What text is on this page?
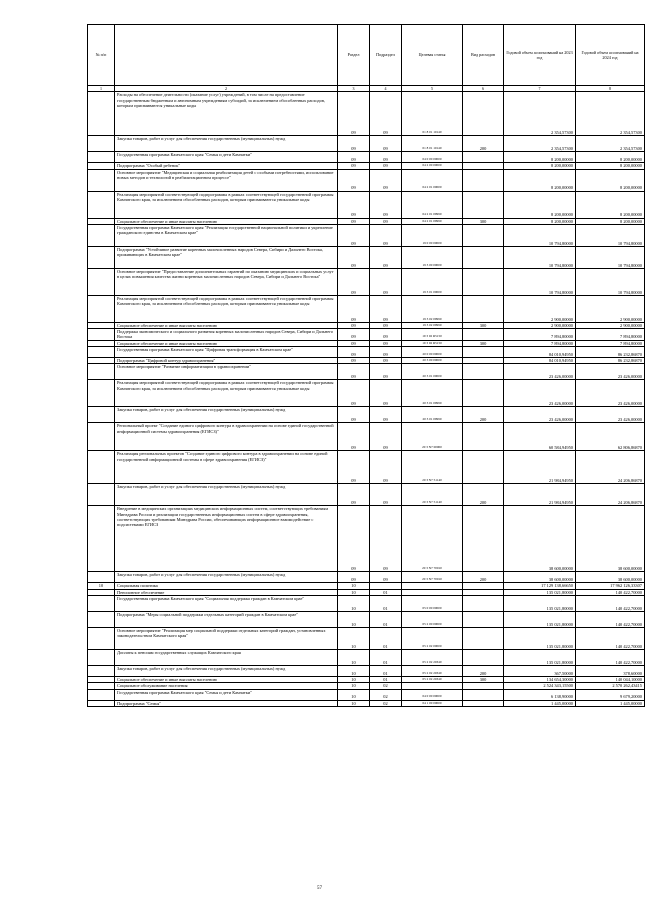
№ п/п		Раздел	Подраздел	Целевая статья	Вид расходов	Годовой объем ассигнований на 2023 год	Годовой объем ассигнований на 2024 год
1	2	3	4	5	6	7	8
	Расходы на обеспечение деятельности (оказание услуг) учреждений, в том числе на предоставление государственным бюджетным и автономным учреждениям субсидий, за исключением обособленных расходов, которым присваиваются уникальные коды	09	09	01 8 01 10140		2 354,57300	2 354,57300
	Закупка товаров, работ и услуг для обеспечения государственных (муниципальных) нужд	09	09	01 8 01 10140	200	2 354,57300	2 354,57300
	Государственная программа Камчатского края "Семья и дети Камчатки"	09	09	04 0 00 00000		8 200,00000	8 200,00000
	Подпрограмма "Особый ребенок"	09	09	04 2 00 00000		8 200,00000	8 200,00000
	Основное мероприятие "Медицинская и социальная реабилитация детей с особыми потребностями, использование новых методов и технологий в реабилитационном процессе"	09	09	04 2 01 00000		8 200,00000	8 200,00000
	Реализация мероприятий соответствующей подпрограммы в рамках соответствующей государственной программы Камчатского края, за исключением обособленных расходов, которым присваиваются уникальные коды	09	09	04 2 01 09990		8 200,00000	8 200,00000
	Социальное обеспечение и иные выплаты населению	09	09	04 2 01 09990	300	8 200,00000	8 200,00000
	Государственная программа Камчатского края "Реализация государственной национальной политики и укрепление гражданского единства в Камчатском крае"	09	09	19 0 00 00000		10 794,80000	10 794,80000
	Подпрограмма "Устойчивое развитие коренных малочисленных народов Севера, Сибири и Дальнего Востока, проживающих в Камчатском крае"	09	09	19 3 00 00000		10 794,80000	10 794,80000
	Основное мероприятие "Предоставление дополнительных гарантий по оказанию медицинских и социальных услуг в целях повышения качества жизни коренных малочисленных народов Севера, Сибири и Дальнего Востока"	09	09	19 3 01 00000		10 794,80000	10 794,80000
	Реализация мероприятий соответствующей подпрограммы в рамках соответствующей государственной программы Камчатского края, за исключением обособленных расходов, которым присваиваются уникальные коды	09	09	19 3 02 09990		2 900,00000	2 900,00000
	Социальное обеспечение и иные выплаты населению	09	09	19 3 02 09990	300	2 900,00000	2 900,00000
	Поддержка экономического и социального развития коренных малочисленных народов Севера, Сибири и Дальнего Востока	09	09	19 3 02 R5150		7 894,80000	7 894,80000
	Социальное обеспечение и иные выплаты населению	09	09	19 3 02 R5150	300	7 894,80000	7 894,80000
	Государственная программа Камчатского края "Цифровая трансформация в Камчатском крае"	09	09	20 0 00 00000		84 010,94950	86 232,86870
	Подпрограмма "Цифровой контур здравоохранения"	09	09	20 3 00 00000		84 010,94950	86 232,86870
	Основное мероприятие "Развитие информатизации в здравоохранении"	09	09	20 3 01 00000		23 426,00000	23 426,00000
	Реализация мероприятий соответствующей подпрограммы в рамках соответствующей государственной программы Камчатского края, за исключением обособленных расходов, которым присваиваются уникальные коды	09	09	20 3 01 09990		23 426,00000	23 426,00000
	Закупка товаров, работ и услуг для обеспечения государственных (муниципальных) нужд	09	09	20 3 01 09990	200	23 426,00000	23 426,00000
	Региональный проект "Создание единого цифрового контура в здравоохранении на основе единой государственной информационной системы здравоохранения (ЕГИСЗ)"	09	09	20 3 N7 00000		60 584,94950	62 806,86870
	Реализация региональных проектов "Создание единого цифрового контура в здравоохранении на основе единой государственной информационной системы в сфере здравоохранения (ЕГИСЗ)"	09	09	20 3 N7 51140		21 984,94950	24 206,86870
	Закупка товаров, работ и услуг для обеспечения государственных (муниципальных) нужд	09	09	20 3 N7 51140	200	21 984,94950	24 206,86870
	Внедрение в медицинских организациях медицинских информационных систем, соответствующих требованиям Минздрава России и реализации государственных информационных систем в сфере здравоохранения, соответствующих требованиям Минздрава России, обеспечивающих информационное взаимодействие с подсистемами ЕГИСЗ	09	09	20 3 N7 70010		38 600,00000	38 600,00000
	Закупка товаров, работ и услуг для обеспечения государственных (муниципальных) нужд	09	09	20 3 N7 70010	200	38 600,00000	38 600,00000
10	Социальная политика	10				17 129 138,66650	17 962 126,33307
	Пенсионное обеспечение	10	01			135 021,80000	140 422,70000
	Государственная программа Камчатского края "Социальная поддержка граждан в Камчатском крае"	10	01	05 0 00 00000		135 021,80000	140 422,70000
	Подпрограмма "Меры социальной поддержки отдельных категорий граждан в Камчатском крае"	10	01	05 2 00 00000		135 021,80000	140 422,70000
	Основное мероприятие "Реализация мер социальной поддержки отдельных категорий граждан, установленных законодательством Камчатского края"	10	01	05 2 02 00000		135 021,80000	140 422,70000
	Доплаты к пенсиям государственных служащих Камчатского края	10	01	05 2 02 20340		135 021,80000	140 422,70000
	Закупка товаров, работ и услуг для обеспечения государственных (муниципальных) нужд	10	01	05 2 02 20340	200	367,50000	378,60000
	Социальное обеспечение и иные выплаты населению	10	01	05 2 02 20340	300	134 654,30000	140 044,10000
	Социальное обслуживание населения	10	02			2 524 343,15500	2 570 262,43415
	Государственная программа Камчатского края "Семья и дети Камчатки"	10	02	04 0 00 00000		6 138,90000	9 679,20000
	Подпрограмма "Семья"	10	02	04 1 00 00000		1 445,00000	1 445,00000
57
